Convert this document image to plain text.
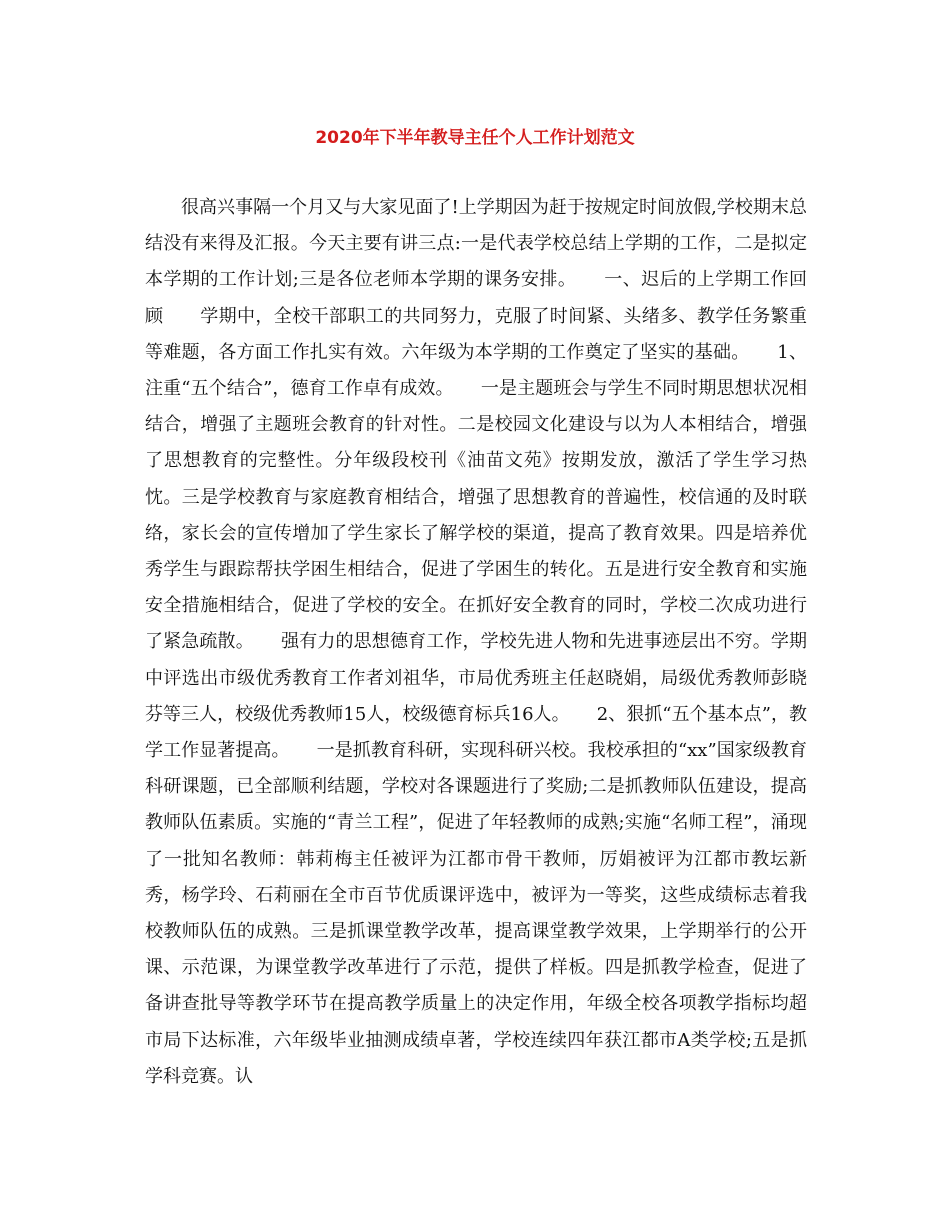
2020年下半年教导主任个人工作计划范文

很高兴事隔一个月又与大家见面了!上学期因为赶于按规定时间放假,学校期末总结没有来得及汇报。今天主要有讲三点:一是代表学校总结上学期的工作，二是拟定本学期的工作计划;三是各位老师本学期的课务安排。　　一、迟后的上学期工作回顾　　学期中，全校干部职工的共同努力，克服了时间紧、头绪多、教学任务繁重等难题，各方面工作扎实有效。六年级为本学期的工作奠定了坚实的基础。　　1、注重“五个结合”，德育工作卓有成效。　　一是主题班会与学生不同时期思想状况相结合，增强了主题班会教育的针对性。二是校园文化建设与以为人本相结合，增强了思想教育的完整性。分年级段校刊《油苗文苑》按期发放，激活了学生学习热忱。三是学校教育与家庭教育相结合，增强了思想教育的普遍性，校信通的及时联络，家长会的宣传增加了学生家长了解学校的渠道，提高了教育效果。四是培养优秀学生与跟踪帮扶学困生相结合，促进了学困生的转化。五是进行安全教育和实施安全措施相结合，促进了学校的安全。在抓好安全教育的同时，学校二次成功进行了紧急疏散。　　强有力的思想德育工作，学校先进人物和先进事迹层出不穷。学期中评选出市级优秀教育工作者刘祖华，市局优秀班主任赵晓娟，局级优秀教师彭晓芬等三人，校级优秀教师15人，校级德育标兵16人。　　2、狠抓“五个基本点”，教学工作显著提高。　　一是抓教育科研，实现科研兴校。我校承担的“xx”国家级教育科研课题，已全部顺利结题，学校对各课题进行了奖励;二是抓教师队伍建设，提高教师队伍素质。实施的“青兰工程”，促进了年轻教师的成熟;实施“名师工程”，涌现了一批知名教师：韩莉梅主任被评为江都市骨干教师，厉娟被评为江都市教坛新秀，杨学玲、石莉丽在全市百节优质课评选中，被评为一等奖，这些成绩标志着我校教师队伍的成熟。三是抓课堂教学改革，提高课堂教学效果，上学期举行的公开课、示范课，为课堂教学改革进行了示范，提供了样板。四是抓教学检查，促进了备讲查批导等教学环节在提高教学质量上的决定作用，年级全校各项教学指标均超市局下达标准，六年级毕业抽测成绩卓著，学校连续四年获江都市A类学校;五是抓学科竞赛。认
